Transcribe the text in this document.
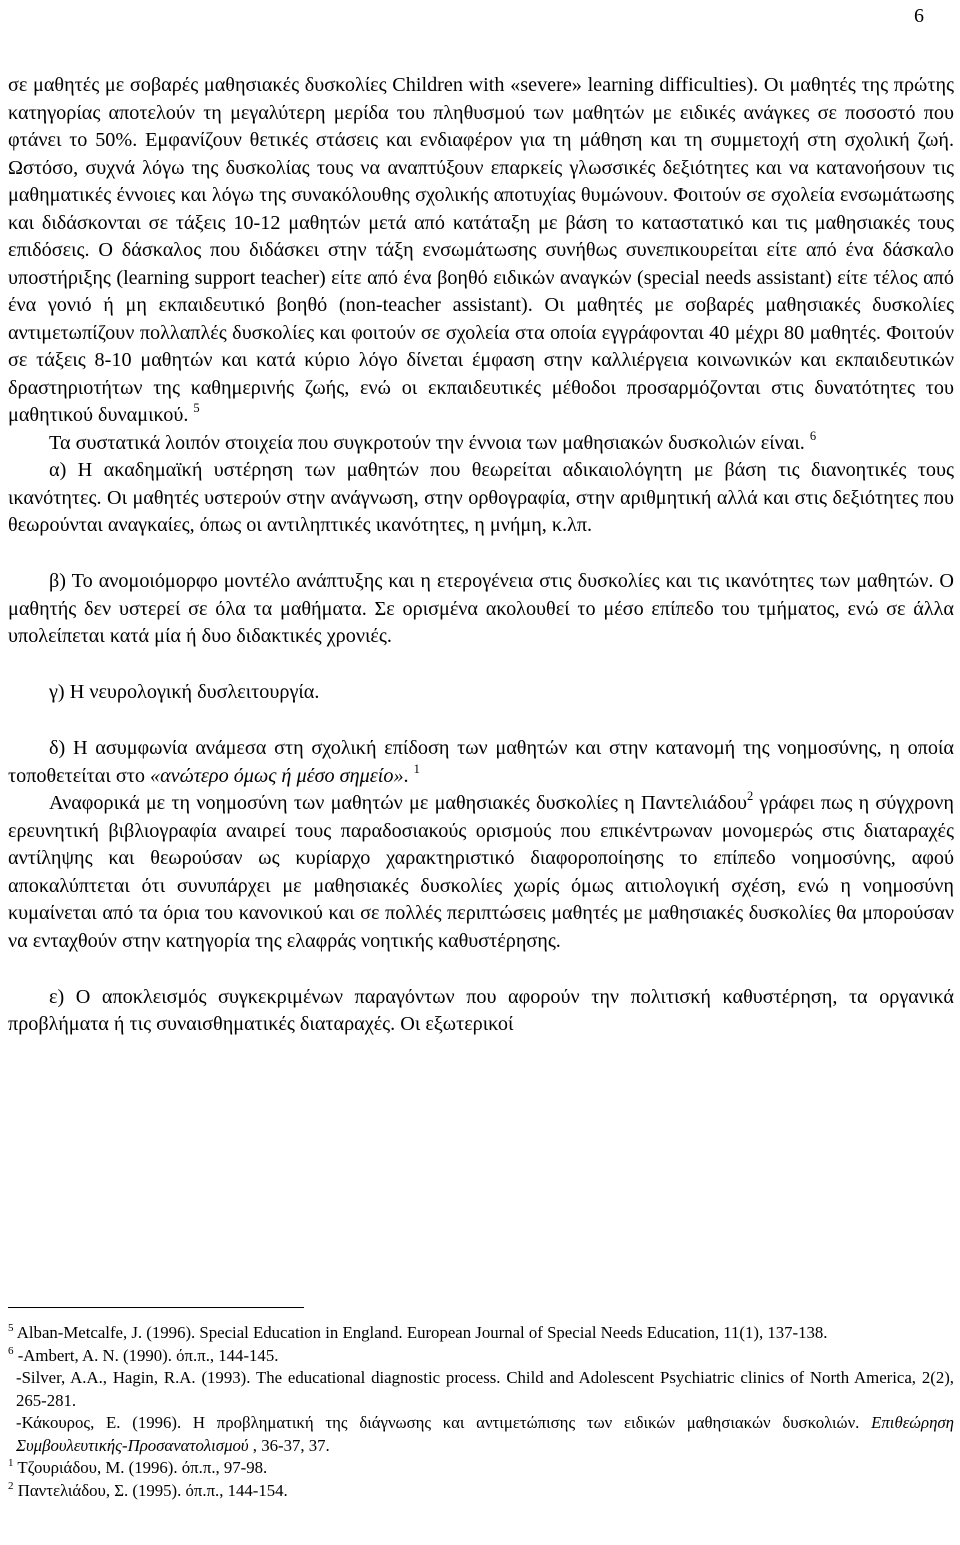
6

σε μαθητές με σοβαρές μαθησιακές δυσκολίες Children with «severe» learning difficulties). Οι μαθητές της πρώτης κατηγορίας αποτελούν τη μεγαλύτερη μερίδα του πληθυσμού των μαθητών με ειδικές ανάγκες σε ποσοστό που φτάνει το 50%. Εμφανίζουν θετικές στάσεις και ενδιαφέρον για τη μάθηση και τη συμμετοχή στη σχολική ζωή. Ωστόσο, συχνά λόγω της δυσκολίας τους να αναπτύξουν επαρκείς γλωσσικές δεξιότητες και να κατανοήσουν τις μαθηματικές έννοιες και λόγω της συνακόλουθης σχολικής αποτυχίας θυμώνουν. Φοιτούν σε σχολεία ενσωμάτωσης και διδάσκονται σε τάξεις 10-12 μαθητών μετά από κατάταξη με βάση το καταστατικό και τις μαθησιακές τους επιδόσεις. Ο δάσκαλος που διδάσκει στην τάξη ενσωμάτωσης συνήθως συνεπικουρείται είτε από ένα δάσκαλο υποστήριξης (learning support teacher) είτε από ένα βοηθό ειδικών αναγκών (special needs assistant) είτε τέλος από ένα γονιό ή μη εκπαιδευτικό βοηθό (non-teacher assistant). Οι μαθητές με σοβαρές μαθησιακές δυσκολίες αντιμετωπίζουν πολλαπλές δυσκολίες και φοιτούν σε σχολεία στα οποία εγγράφονται 40 μέχρι 80 μαθητές. Φοιτούν σε τάξεις 8-10 μαθητών και κατά κύριο λόγο δίνεται έμφαση στην καλλιέργεια κοινωνικών και εκπαιδευτικών δραστηριοτήτων της καθημερινής ζωής, ενώ οι εκπαιδευτικές μέθοδοι προσαρμόζονται στις δυνατότητες του μαθητικού δυναμικού. $^5$

Τα συστατικά λοιπόν στοιχεία που συγκροτούν την έννοια των μαθησιακών δυσκολιών είναι. $^6$

α) Η ακαδημαϊκή υστέρηση των μαθητών που θεωρείται αδικαιολόγητη με βάση τις διανοητικές τους ικανότητες. Οι μαθητές υστερούν στην ανάγνωση, στην ορθογραφία, στην αριθμητική αλλά και στις δεξιότητες που θεωρούνται αναγκαίες, όπως οι αντιληπτικές ικανότητες, η μνήμη, κ.λπ.

β) Το ανομοιόμορφο μοντέλο ανάπτυξης και η ετερογένεια στις δυσκολίες και τις ικανότητες των μαθητών. Ο μαθητής δεν υστερεί σε όλα τα μαθήματα. Σε ορισμένα ακολουθεί το μέσο επίπεδο του τμήματος, ενώ σε άλλα υπολείπεται κατά μία ή δυο διδακτικές χρονιές.

γ) Η νευρολογική δυσλειτουργία.

δ) Η ασυμφωνία ανάμεσα στη σχολική επίδοση των μαθητών και στην κατανομή της νοημοσύνης, η οποία τοποθετείται στο «ανώτερο όμως ή μέσο σημείο». $^1$

Αναφορικά με τη νοημοσύνη των μαθητών με μαθησιακές δυσκολίες η Παντελιάδου$^2$ γράφει πως η σύγχρονη ερευνητική βιβλιογραφία αναιρεί τους παραδοσιακούς ορισμούς που επικέντρωναν μονομερώς στις διαταραχές αντίληψης και θεωρούσαν ως κυρίαρχο χαρακτηριστικό διαφοροποίησης το επίπεδο νοημοσύνης, αφού αποκαλύπτεται ότι συνυπάρχει με μαθησιακές δυσκολίες χωρίς όμως αιτιολογική σχέση, ενώ η νοημοσύνη κυμαίνεται από τα όρια του κανονικού και σε πολλές περιπτώσεις μαθητές με μαθησιακές δυσκολίες θα μπορούσαν να ενταχθούν στην κατηγορία της ελαφράς νοητικής καθυστέρησης.

ε) Ο αποκλεισμός συγκεκριμένων παραγόντων που αφορούν την πολιτισκή καθυστέρηση, τα οργανικά προβλήματα ή τις συναισθηματικές διαταραχές. Οι εξωτερικοί

$^5$ Alban-Metcalfe, J. (1996). Special Education in England. European Journal of Special Needs Education, 11(1), 137-138.

$^6$ -Ambert, A. N. (1990). όπ.π., 144-145.

-Silver, A.A., Hagin, R.A. (1993). The educational diagnostic process. Child and Adolescent Psychiatric clinics of North America, 2(2), 265-281.

-Κάκουρος, Ε. (1996). Η προβληματική της διάγνωσης και αντιμετώπισης των ειδικών μαθησιακών δυσκολιών. Επιθεώρηση Συμβουλευτικής-Προσανατολισμού , 36-37, 37.

$^1$ Τζουριάδου, Μ. (1996). όπ.π., 97-98.

$^2$ Παντελιάδου, Σ. (1995). όπ.π., 144-154.
